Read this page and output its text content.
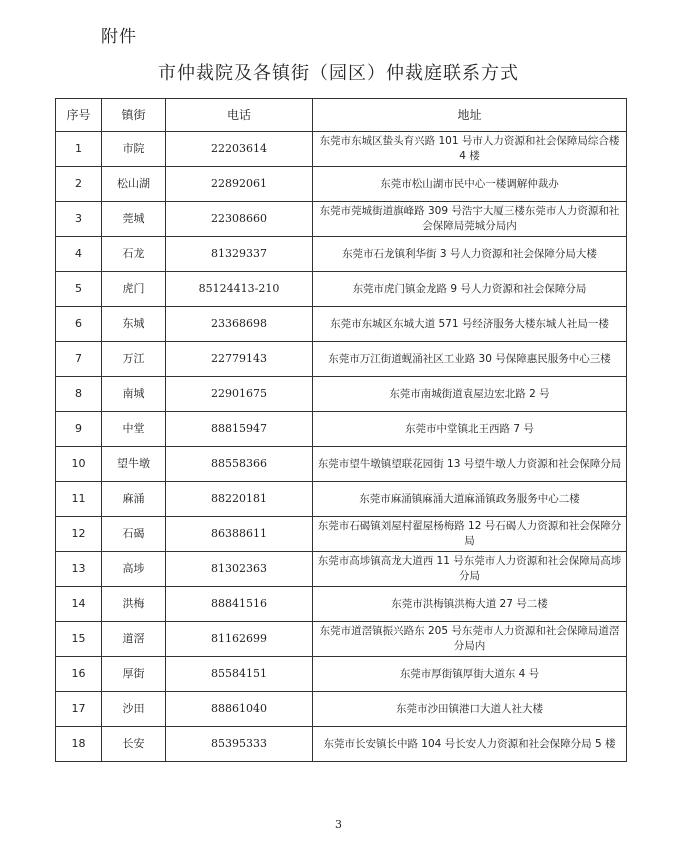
附件
市仲裁院及各镇街（园区）仲裁庭联系方式
序号	镇街	电话	地址
1	市院	22203614	东莞市东城区蛰头育兴路 101 号市人力资源和社会保障局综合楼 4 楼
2	松山湖	22892061	东莞市松山湖市民中心一楼调解仲裁办
3	莞城	22308660	东莞市莞城街道旗峰路 309 号浩宇大厦三楼东莞市人力资源和社会保障局莞城分局内
4	石龙	81329337	东莞市石龙镇利华街 3 号人力资源和社会保障分局大楼
5	虎门	85124413-210	东莞市虎门镇金龙路 9 号人力资源和社会保障分局
6	东城	23368698	东莞市东城区东城大道 571 号经济服务大楼东城人社局一楼
7	万江	22779143	东莞市万江街道蚬涌社区工业路 30 号保障惠民服务中心三楼
8	南城	22901675	东莞市南城街道袁屋边宏北路 2 号
9	中堂	88815947	东莞市中堂镇北王西路 7 号
10	望牛墩	88558366	东莞市望牛墩镇望联花园街 13 号望牛墩人力资源和社会保障分局
11	麻涌	88220181	东莞市麻涌镇麻涌大道麻涌镇政务服务中心二楼
12	石碣	86388611	东莞市石碣镇刘屋村翟屋杨梅路 12 号石碣人力资源和社会保障分局
13	高埗	81302363	东莞市高埗镇高龙大道西 11 号东莞市人力资源和社会保障局高埗分局
14	洪梅	88841516	东莞市洪梅镇洪梅大道 27 号二楼
15	道滘	81162699	东莞市道滘镇振兴路东 205 号东莞市人力资源和社会保障局道滘分局内
16	厚街	85584151	东莞市厚街镇厚街大道东 4 号
17	沙田	88861040	东莞市沙田镇港口大道人社大楼
18	长安	85395333	东莞市长安镇长中路 104 号长安人力资源和社会保障分局 5 楼
3
